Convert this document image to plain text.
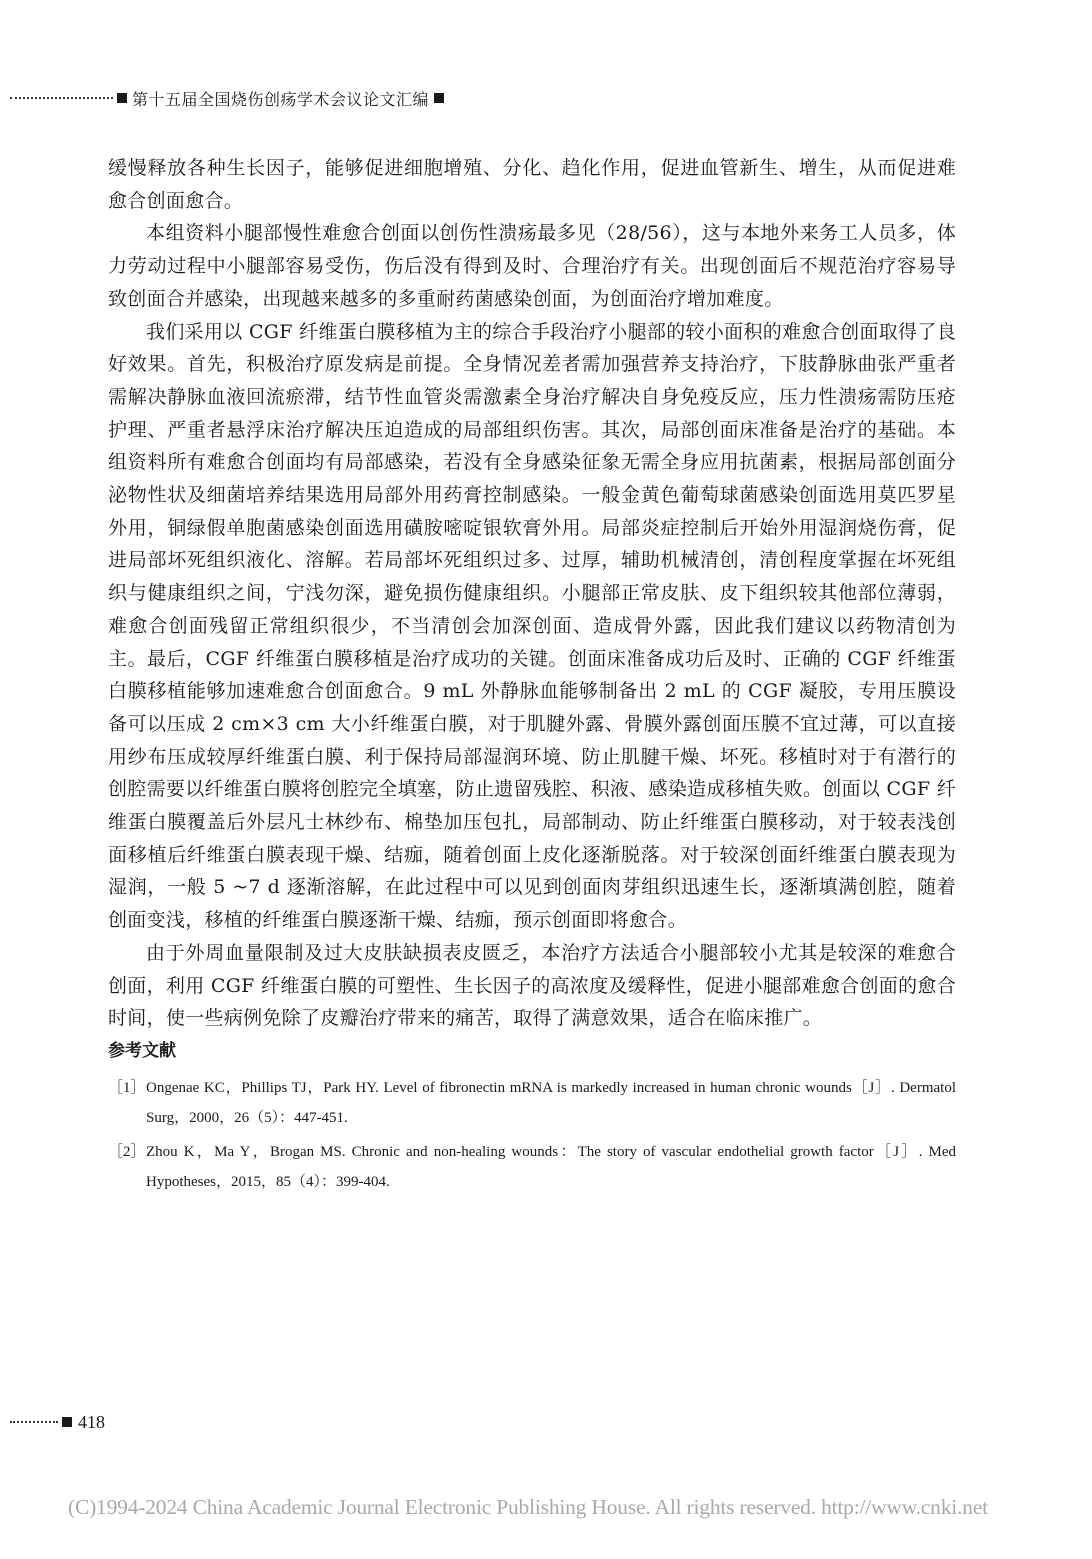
第十五届全国烧伤创疡学术会议论文汇编

缓慢释放各种生长因子，能够促进细胞增殖、分化、趋化作用，促进血管新生、增生，从而促进难愈合创面愈合。

本组资料小腿部慢性难愈合创面以创伤性溃疡最多见（28/56），这与本地外来务工人员多，体力劳动过程中小腿部容易受伤，伤后没有得到及时、合理治疗有关。出现创面后不规范治疗容易导致创面合并感染，出现越来越多的多重耐药菌感染创面，为创面治疗增加难度。

我们采用以 CGF 纤维蛋白膜移植为主的综合手段治疗小腿部的较小面积的难愈合创面取得了良好效果。首先，积极治疗原发病是前提。全身情况差者需加强营养支持治疗，下肢静脉曲张严重者需解决静脉血液回流瘀滞，结节性血管炎需激素全身治疗解决自身免疫反应，压力性溃疡需防压疮护理、严重者悬浮床治疗解决压迫造成的局部组织伤害。其次，局部创面床准备是治疗的基础。本组资料所有难愈合创面均有局部感染，若没有全身感染征象无需全身应用抗菌素，根据局部创面分泌物性状及细菌培养结果选用局部外用药膏控制感染。一般金黄色葡萄球菌感染创面选用莫匹罗星外用，铜绿假单胞菌感染创面选用磺胺嘧啶银软膏外用。局部炎症控制后开始外用湿润烧伤膏，促进局部坏死组织液化、溶解。若局部坏死组织过多、过厚，辅助机械清创，清创程度掌握在坏死组织与健康组织之间，宁浅勿深，避免损伤健康组织。小腿部正常皮肤、皮下组织较其他部位薄弱，难愈合创面残留正常组织很少，不当清创会加深创面、造成骨外露，因此我们建议以药物清创为主。最后，CGF 纤维蛋白膜移植是治疗成功的关键。创面床准备成功后及时、正确的 CGF 纤维蛋白膜移植能够加速难愈合创面愈合。9 mL 外静脉血能够制备出 2 mL 的 CGF 凝胶，专用压膜设备可以压成 2 cm×3 cm 大小纤维蛋白膜，对于肌腱外露、骨膜外露创面压膜不宜过薄，可以直接用纱布压成较厚纤维蛋白膜、利于保持局部湿润环境、防止肌腱干燥、坏死。移植时对于有潜行的创腔需要以纤维蛋白膜将创腔完全填塞，防止遗留残腔、积液、感染造成移植失败。创面以 CGF 纤维蛋白膜覆盖后外层凡士林纱布、棉垫加压包扎，局部制动、防止纤维蛋白膜移动，对于较表浅创面移植后纤维蛋白膜表现干燥、结痂，随着创面上皮化逐渐脱落。对于较深创面纤维蛋白膜表现为湿润，一般 5 ~7 d 逐渐溶解，在此过程中可以见到创面肉芽组织迅速生长，逐渐填满创腔，随着创面变浅，移植的纤维蛋白膜逐渐干燥、结痂，预示创面即将愈合。

由于外周血量限制及过大皮肤缺损表皮匮乏，本治疗方法适合小腿部较小尤其是较深的难愈合创面，利用 CGF 纤维蛋白膜的可塑性、生长因子的高浓度及缓释性，促进小腿部难愈合创面的愈合时间，使一些病例免除了皮瓣治疗带来的痛苦，取得了满意效果，适合在临床推广。

参考文献
［1］ Ongenae KC，Phillips TJ，Park HY. Level of fibronectin mRNA is markedly increased in human chronic wounds［J］. Dermatol Surg，2000，26（5）：447-451.
［2］ Zhou K，Ma Y，Brogan MS. Chronic and non-healing wounds：The story of vascular endothelial growth factor［J］. Med Hypotheses，2015，85（4）：399-404.
418
(C)1994-2024 China Academic Journal Electronic Publishing House. All rights reserved. http://www.cnki.net
